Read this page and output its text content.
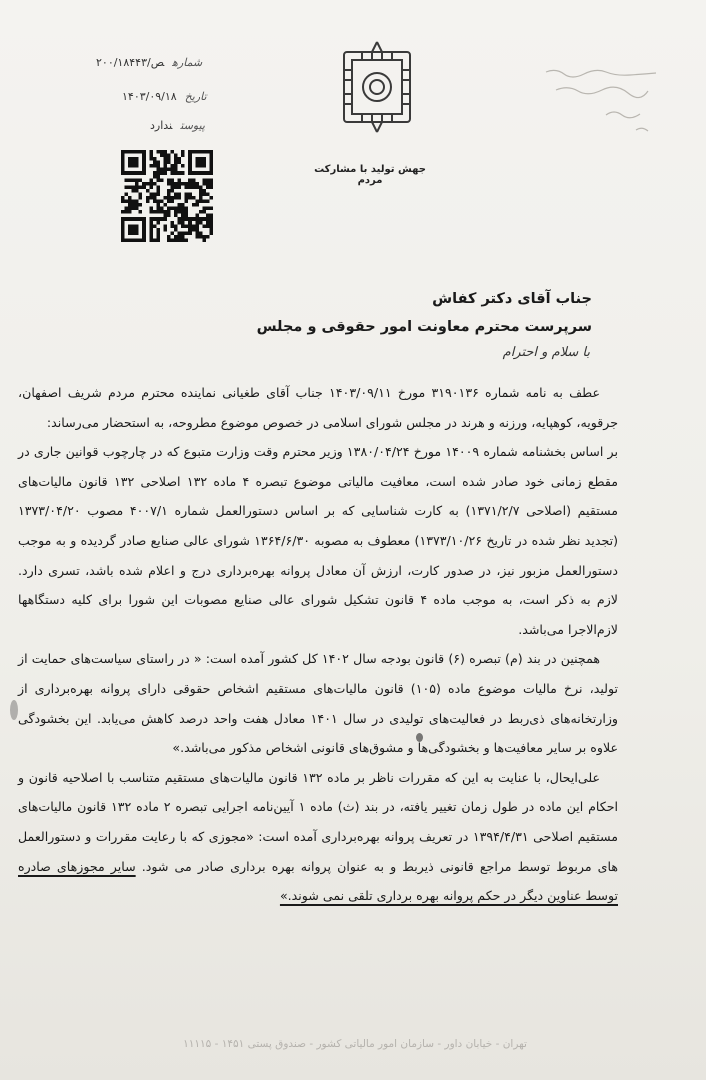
شمارهص/۲۰۰/۱۸۴۴۳
تاریخ۱۴۰۳/۰۹/۱۸
پیوستندارد
جهش تولید با مشارکت مردم
جناب آقای دکتر کفاش
سرپرست محترم معاونت امور حقوقی و مجلس
با سلام و احترام

عطف به نامه شماره ۳۱۹۰۱۳۶ مورخ ۱۴۰۳/۰۹/۱۱ جناب آقای طغیانی نماینده محترم مردم شریف اصفهان، جرقویه، کوهپایه، ورزنه و هرند در مجلس شورای اسلامی در خصوص موضوع مطروحه، به استحضار می‌رساند:

بر اساس بخشنامه شماره ۱۴۰۰۹ مورخ ۱۳۸۰/۰۴/۲۴ وزیر محترم وقت وزارت متبوع که در چارچوب قوانین جاری در مقطع زمانی خود صادر شده است، معافیت مالیاتی موضوع تبصره ۴ ماده ۱۳۲ اصلاحی ۱۳۲ قانون مالیات‌های مستقیم (اصلاحی ۱۳۷۱/۲/۷) به کارت شناسایی که بر اساس دستورالعمل شماره ۴۰۰۷/۱ مصوب ۱۳۷۳/۰۴/۲۰ (تجدید نظر شده در تاریخ ۱۳۷۳/۱۰/۲۶) معطوف به مصوبه ۱۳۶۴/۶/۳۰ شورای عالی صنایع صادر گردیده و به موجب دستورالعمل مزبور نیز، در صدور کارت، ارزش آن معادل پروانه بهره‌برداری درج و اعلام شده باشد، تسری دارد. لازم به ذکر است، به موجب ماده ۴ قانون تشکیل شورای عالی صنایع مصوبات این شورا برای کلیه دستگاهها لازم‌الاجرا می‌باشد.

همچنین در بند (م) تبصره (۶) قانون بودجه سال ۱۴۰۲ کل کشور آمده است: « در راستای سیاست‌های حمایت از تولید، نرخ مالیات موضوع ماده (۱۰۵) قانون مالیات‌های مستقیم اشخاص حقوقی دارای پروانه بهره‌برداری از وزارتخانه‌های ذی‌ربط در فعالیت‌های تولیدی در سال ۱۴۰۱ معادل هفت واحد درصد کاهش می‌یابد. این بخشودگی علاوه بر سایر معافیت‌ها و بخشودگی‌ها و مشوق‌های قانونی اشخاص مذکور می‌باشد.»

علی‌ایحال، با عنایت به این که مقررات ناظر بر ماده ۱۳۲ قانون مالیات‌های مستقیم متناسب با اصلاحیه قانون و احکام این ماده در طول زمان تغییر یافته، در بند (ث) ماده ۱ آیین‌نامه اجرایی تبصره ۲ ماده ۱۳۲ قانون مالیات‌های مستقیم اصلاحی ۱۳۹۴/۴/۳۱ در تعریف پروانه بهره‌برداری آمده است: «مجوزی که با رعایت مقررات و دستورالعمل های مربوط توسط مراجع قانونی ذیربط و به عنوان پروانه بهره برداری صادر می شود. سایر مجوزهای صادره توسط عناوین دیگر در حکم پروانه بهره برداری تلقی نمی شوند.»

تهران - خیابان داور - سازمان امور مالیاتی کشور - صندوق پستی ۱۴۵۱ - ۱۱۱۱۵
